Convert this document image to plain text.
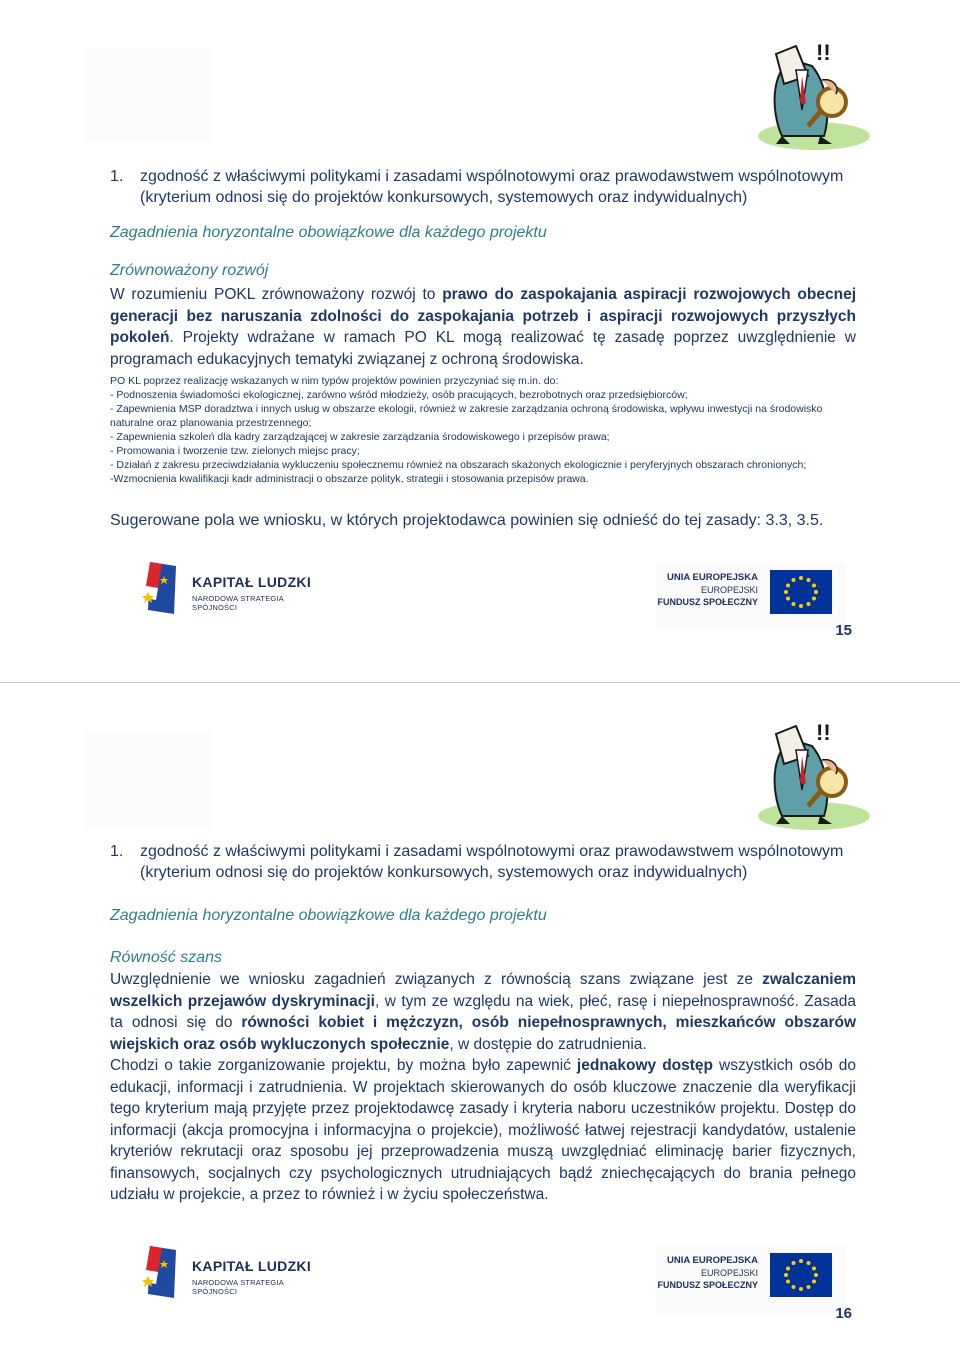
!!
1.	zgodność z właściwymi politykami i zasadami wspólnotowymi oraz prawodawstwem wspólnotowym
(kryterium odnosi się do projektów konkursowych, systemowych oraz indywidualnych)
Zagadnienia horyzontalne obowiązkowe dla każdego projektu
Zrównoważony rozwój
W rozumieniu POKL zrównoważony rozwój to prawo do zaspokajania aspiracji rozwojowych obecnej generacji bez naruszania zdolności do zaspokajania potrzeb i aspiracji rozwojowych przyszłych pokoleń. Projekty wdrażane w ramach PO KL mogą realizować tę zasadę poprzez uwzględnienie w programach edukacyjnych tematyki związanej z ochroną środowiska.
PO KL poprzez realizację wskazanych w nim typów projektów powinien przyczyniać się m.in. do:
- Podnoszenia świadomości ekologicznej, zarówno wśród młodzieży, osób pracujących, bezrobotnych oraz przedsiębiorców;
- Zapewnienia MSP doradztwa i innych usług w obszarze ekologii, również w zakresie zarządzania ochroną środowiska, wpływu inwestycji na środowisko naturalne oraz planowania przestrzennego;
- Zapewnienia szkoleń dla kadry zarządzającej w zakresie zarządzania środowiskowego i przepisów prawa;
- Promowania i tworzenie tzw. zielonych miejsc pracy;
- Działań z zakresu przeciwdziałania wykluczeniu społecznemu również na obszarach skażonych ekologicznie i peryferyjnych obszarach chronionych;
-Wzmocnienia kwalifikacji kadr administracji o obszarze polityk, strategii i stosowania przepisów prawa.
Sugerowane pola we wniosku, w których projektodawca powinien się odnieść do tej zasady: 3.3, 3.5.
KAPITAŁ LUDZKI
NARODOWA STRATEGIA SPÓJNOŚCI
UNIA EUROPEJSKA
EUROPEJSKI
FUNDUSZ SPOŁECZNY
15
!!
1.	zgodność z właściwymi politykami i zasadami wspólnotowymi oraz prawodawstwem wspólnotowym
(kryterium odnosi się do projektów konkursowych, systemowych oraz indywidualnych)
Zagadnienia horyzontalne obowiązkowe dla każdego projektu
Równość szans
Uwzględnienie we wniosku zagadnień związanych z równością szans związane jest ze zwalczaniem wszelkich przejawów dyskryminacji, w tym ze względu na wiek, płeć, rasę i niepełnosprawność. Zasada ta odnosi się do równości kobiet i mężczyzn, osób niepełnosprawnych, mieszkańców obszarów wiejskich oraz osób wykluczonych społecznie, w dostępie do zatrudnienia.
Chodzi o takie zorganizowanie projektu, by można było zapewnić jednakowy dostęp wszystkich osób do edukacji, informacji i zatrudnienia. W projektach skierowanych do osób kluczowe znaczenie dla weryfikacji tego kryterium mają przyjęte przez projektodawcę zasady i kryteria naboru uczestników projektu. Dostęp do informacji (akcja promocyjna i informacyjna o projekcie), możliwość łatwej rejestracji kandydatów, ustalenie kryteriów rekrutacji oraz sposobu jej przeprowadzenia muszą uwzględniać eliminację barier fizycznych, finansowych, socjalnych czy psychologicznych utrudniających bądź zniechęcających do brania pełnego udziału w projekcie, a przez to również i w życiu społeczeństwa.
KAPITAŁ LUDZKI
NARODOWA STRATEGIA SPÓJNOŚCI
UNIA EUROPEJSKA
EUROPEJSKI
FUNDUSZ SPOŁECZNY
16
